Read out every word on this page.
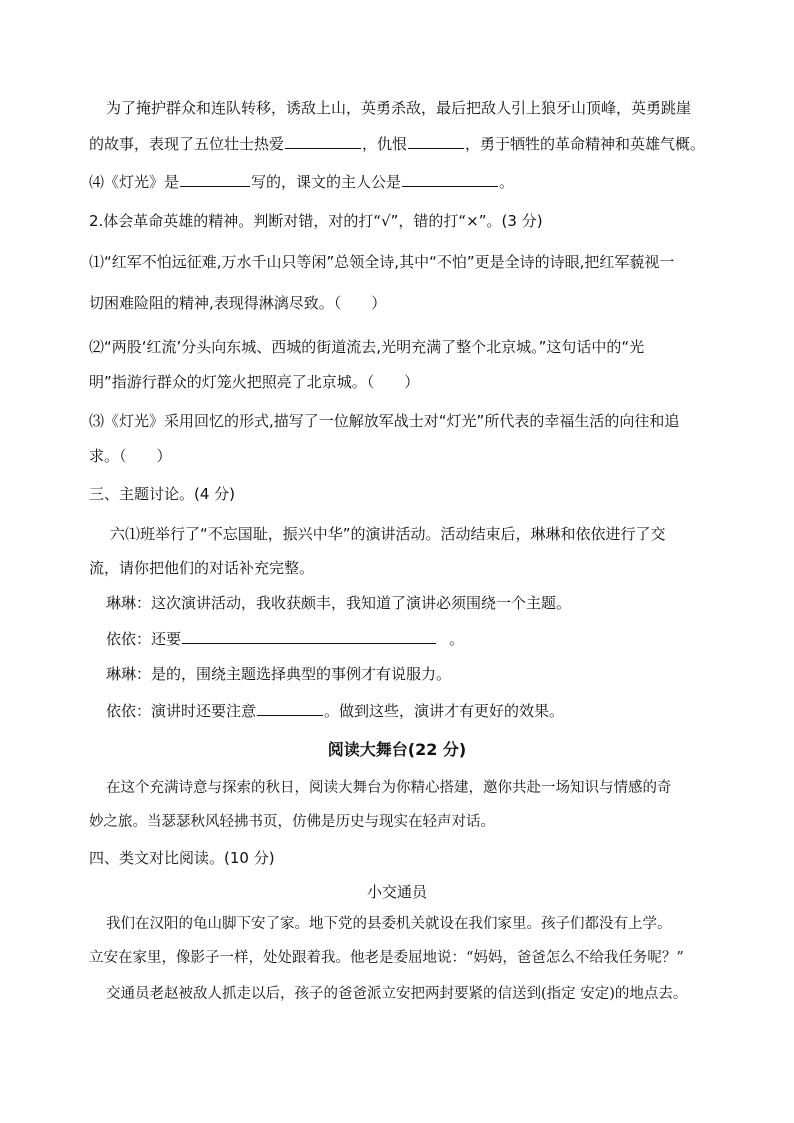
为了掩护群众和连队转移，诱敌上山，英勇杀敌，最后把敌人引上狼牙山顶峰，英勇跳崖
的故事，表现了五位壮士热爱	，仇恨	，勇于牺牲的革命精神和英雄气概。
⑷《灯光》是	写的，课文的主人公是	。
2.体会革命英雄的精神。判断对错，对的打“√”，错的打“×”。(3 分)
⑴“红军不怕远征难,万水千山只等闲”总领全诗,其中“不怕”更是全诗的诗眼,把红军藐视一
切困难险阻的精神,表现得淋漓尽致。（　　）
⑵“两股‘红流’分头向东城、西城的街道流去,光明充满了整个北京城。”这句话中的“光
明”指游行群众的灯笼火把照亮了北京城。（　　）
⑶《灯光》采用回忆的形式,描写了一位解放军战士对“灯光”所代表的幸福生活的向往和追
求。（　　）
三、主题讨论。(4 分)
六⑴班举行了“不忘国耻，振兴中华”的演讲活动。活动结束后，琳琳和依依进行了交
流，请你把他们的对话补充完整。
琳琳：这次演讲活动，我收获颇丰，我知道了演讲必须围绕一个主题。
依依：还要	。
琳琳：是的，围绕主题选择典型的事例才有说服力。
依依：演讲时还要注意	。做到这些，演讲才有更好的效果。
阅读大舞台(22 分)
在这个充满诗意与探索的秋日，阅读大舞台为你精心搭建，邀你共赴一场知识与情感的奇
妙之旅。当瑟瑟秋风轻拂书页，仿佛是历史与现实在轻声对话。
四、类文对比阅读。(10 分)
小交通员
我们在汉阳的龟山脚下安了家。地下党的县委机关就设在我们家里。孩子们都没有上学。
立安在家里，像影子一样，处处跟着我。他老是委屈地说：“妈妈，爸爸怎么不给我任务呢？”
交通员老赵被敌人抓走以后，孩子的爸爸派立安把两封要紧的信送到(指定 安定)的地点去。
